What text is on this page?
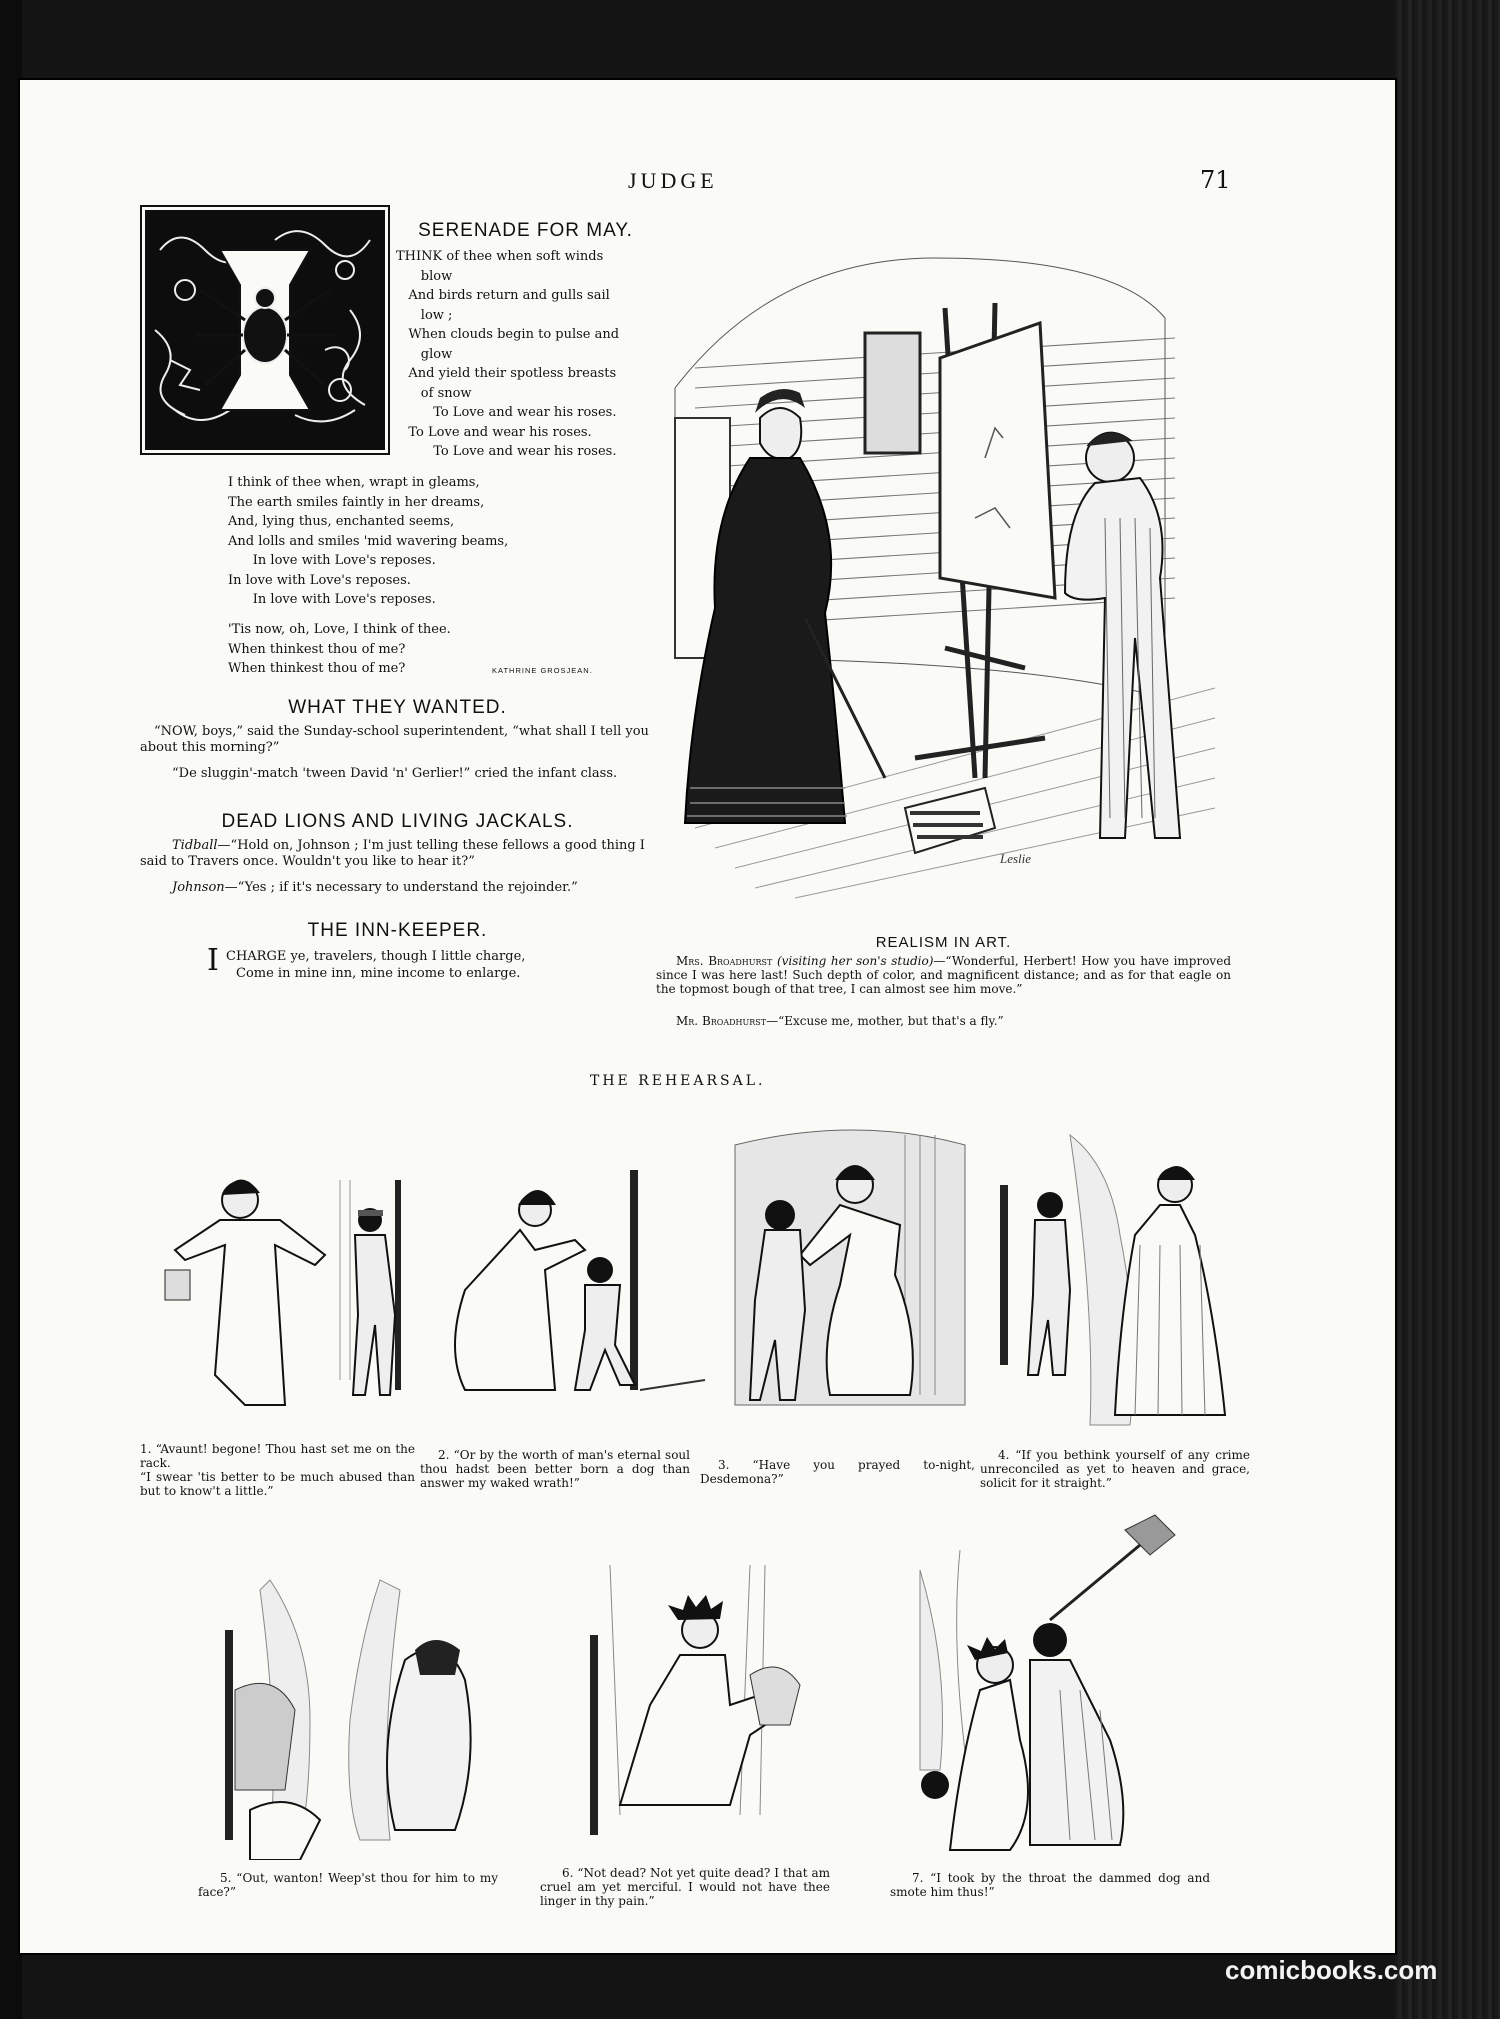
JUDGE	71
SERENADE FOR MAY.
THINK of thee when soft winds
blow
And birds return and gulls sail
low ;
When clouds begin to pulse and
glow
And yield their spotless breasts
of snow
To Love and wear his roses.
To Love and wear his roses.
To Love and wear his roses.
I think of thee when, wrapt in gleams,
The earth smiles faintly in her dreams,
And, lying thus, enchanted seems,
And lolls and smiles 'mid wavering beams,
In love with Love's reposes.
In love with Love's reposes.
In love with Love's reposes.
'Tis now, oh, Love, I think of thee.
When thinkest thou of me?
When thinkest thou of me?	KATHRINE GROSJEAN.
WHAT THEY WANTED.
“NOW, boys,” said the Sunday-school superintendent, “what shall I tell you about this morning?”
“De sluggin'-match 'tween David 'n' Gerlier!” cried the infant class.
DEAD LIONS AND LIVING JACKALS.
Tidball—“Hold on, Johnson ; I'm just telling these fellows a good thing I said to Travers once. Wouldn't you like to hear it?”
Johnson—“Yes ; if it's necessary to understand the rejoinder.”
THE INN-KEEPER.
I CHARGE ye, travelers, though I little charge,
Come in mine inn, mine income to enlarge.
Leslie
REALISM IN ART.
Mrs. Broadhurst (visiting her son's studio)—“Wonderful, Herbert! How you have improved since I was here last! Such depth of color, and magnificent distance; and as for that eagle on the topmost bough of that tree, I can almost see him move.”
Mr. Broadhurst—“Excuse me, mother, but that's a fly.”
THE REHEARSAL.
1. “Avaunt! begone! Thou hast set me on the rack.
“I swear 'tis better to be much abused than but to know't a little.”
2. “Or by the worth of man's eternal soul thou hadst been better born a dog than answer my waked wrath!”
3. “Have you prayed to-night, Desdemona?”
4. “If you bethink yourself of any crime unreconciled as yet to heaven and grace, solicit for it straight.”
5. “Out, wanton! Weep'st thou for him to my face?”
6. “Not dead? Not yet quite dead? I that am cruel am yet merciful. I would not have thee linger in thy pain.”
7. “I took by the throat the dammed dog and smote him thus!”
comicbooks.com
